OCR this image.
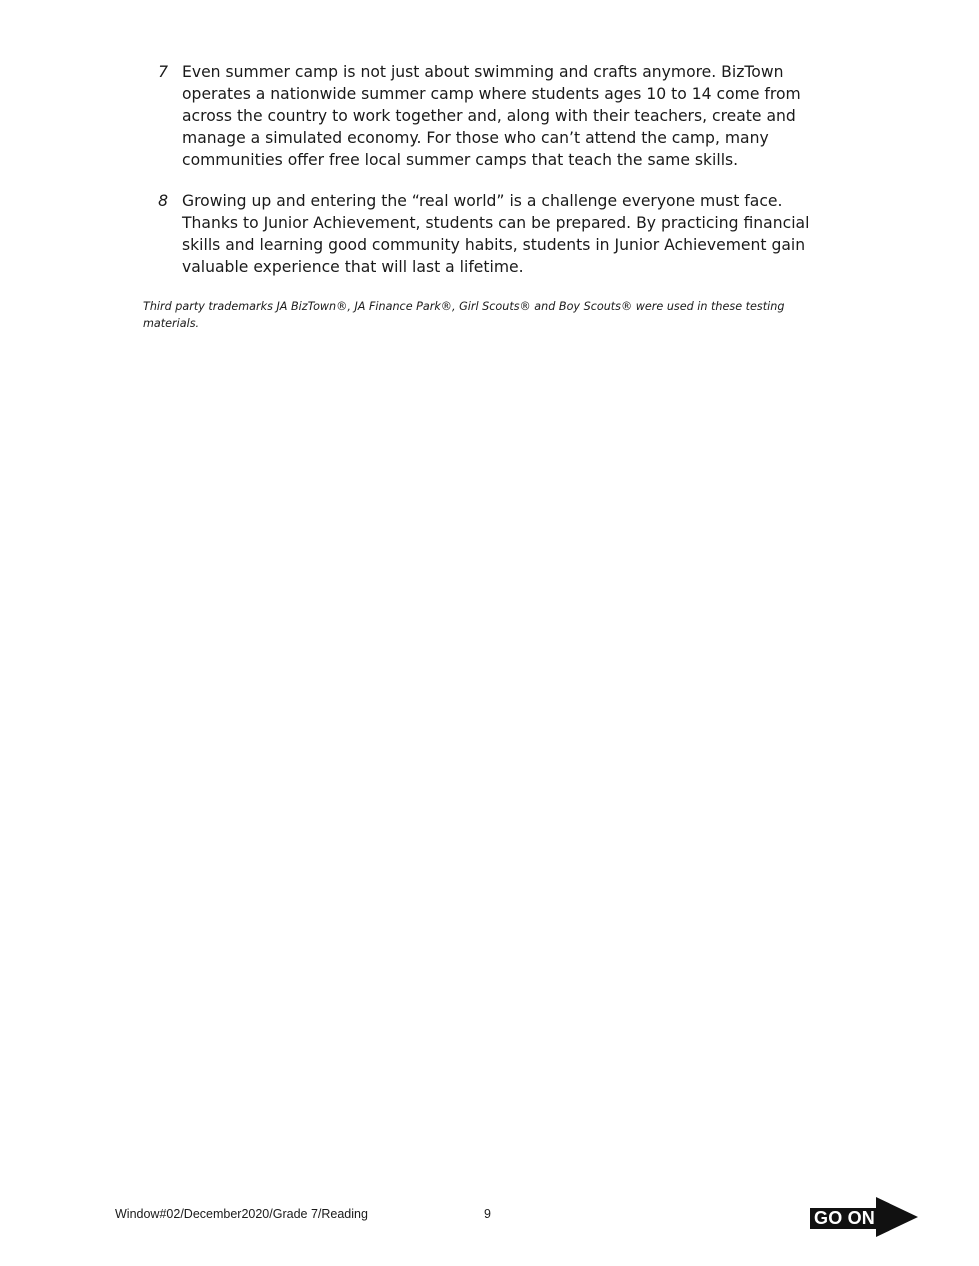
7 Even summer camp is not just about swimming and crafts anymore. BizTown operates a nationwide summer camp where students ages 10 to 14 come from across the country to work together and, along with their teachers, create and manage a simulated economy. For those who can’t attend the camp, many communities offer free local summer camps that teach the same skills.
8 Growing up and entering the “real world” is a challenge everyone must face. Thanks to Junior Achievement, students can be prepared. By practicing financial skills and learning good community habits, students in Junior Achievement gain valuable experience that will last a lifetime.
Third party trademarks JA BizTown®, JA Finance Park®, Girl Scouts® and Boy Scouts® were used in these testing materials.
Window#02/December2020/Grade 7/Reading	9	GO ON
